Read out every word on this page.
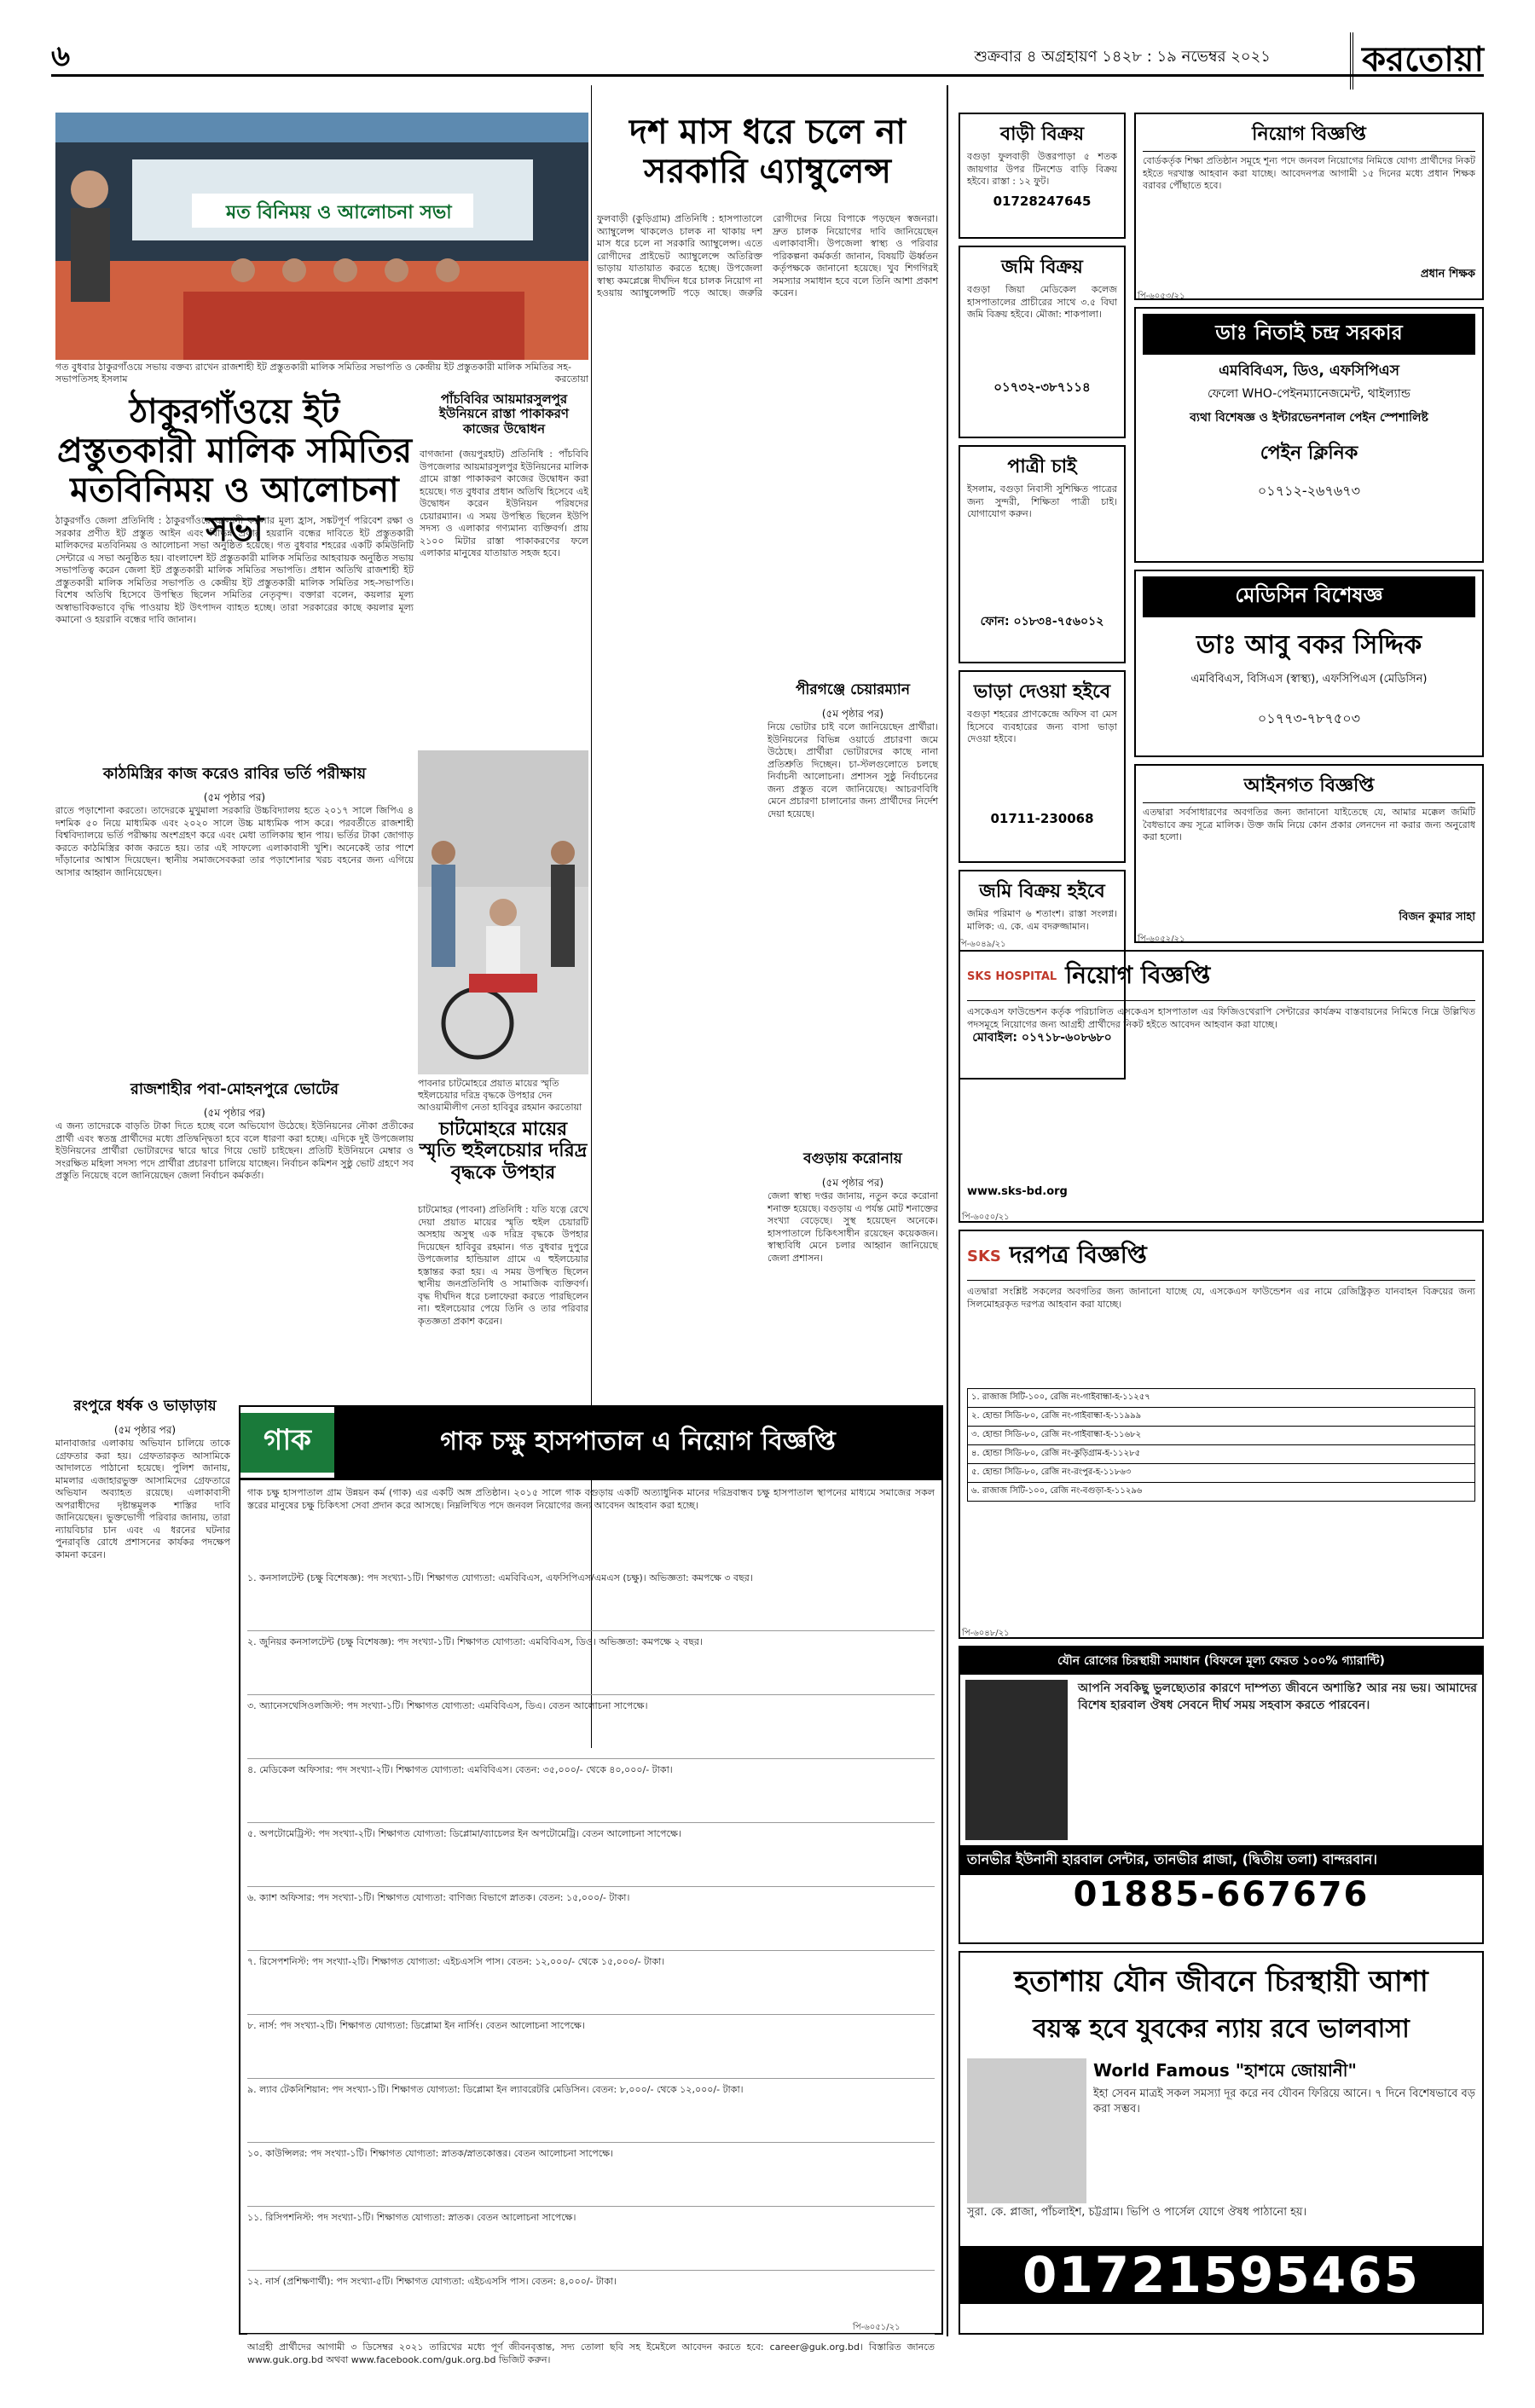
৬	শুক্রবার ৪ অগ্রহায়ণ ১৪২৮ : ১৯ নভেম্বর ২০২১	করতোয়া
মত বিনিময় ও আলোচনা সভা
গত বুধবার ঠাকুরগাঁওয়ে সভায় বক্তব্য রাখেন রাজশাহী ইট প্রস্তুতকারী মালিক সমিতির সভাপতি ও কেন্দ্রীয় ইট প্রস্তুতকারী মালিক সমিতির সহ-সভাপতিসহ ইসলাম	করতোয়া
ঠাকুরগাঁওয়ে ইট প্রস্তুতকারী মালিক সমিতির মতবিনিময় ও আলোচনা সভা
ঠাকুরগাঁও জেলা প্রতিনিধি : ঠাকুরগাঁওয়ে জ্বালানী কয়লার মূল্য হ্রাস, সঙ্কটপূর্ণ পরিবেশ রক্ষা ও সরকার প্রণীত ইট প্রস্তুত আইন এবং বিভিন্ন প্রকার হয়রানি বন্ধের দাবিতে ইট প্রস্তুতকারী মালিকদের মতবিনিময় ও আলোচনা সভা অনুষ্ঠিত হয়েছে। গত বুধবার শহরের একটি কমিউনিটি সেন্টারে এ সভা অনুষ্ঠিত হয়। বাংলাদেশ ইট প্রস্তুতকারী মালিক সমিতির আহবায়ক অনুষ্ঠিত সভায় সভাপতিত্ব করেন জেলা ইট প্রস্তুতকারী মালিক সমিতির সভাপতি। প্রধান অতিথি রাজশাহী ইট প্রস্তুতকারী মালিক সমিতির সভাপতি ও কেন্দ্রীয় ইট প্রস্তুতকারী মালিক সমিতির সহ-সভাপতি। বিশেষ অতিথি হিসেবে উপস্থিত ছিলেন সমিতির নেতৃবৃন্দ। বক্তারা বলেন, কয়লার মূল্য অস্বাভাবিকভাবে বৃদ্ধি পাওয়ায় ইট উৎপাদন ব্যাহত হচ্ছে। তারা সরকারের কাছে কয়লার মূল্য কমানো ও হয়রানি বন্ধের দাবি জানান।
পাঁচবিবির আয়মারসুলপুর ইউনিয়নে রাস্তা পাকাকরণ কাজের উদ্বোধন
বাগজানা (জয়পুরহাট) প্রতিনিধি : পাঁচবিবি উপজেলার আয়মারসুলপুর ইউনিয়নের মালিক গ্রামে রাস্তা পাকাকরণ কাজের উদ্বোধন করা হয়েছে। গত বুধবার প্রধান অতিথি হিসেবে এই উদ্বোধন করেন ইউনিয়ন পরিষদের চেয়ারম্যান। এ সময় উপস্থিত ছিলেন ইউপি সদস্য ও এলাকার গণ্যমান্য ব্যক্তিবর্গ। প্রায় ২১০০ মিটার রাস্তা পাকাকরণের ফলে এলাকার মানুষের যাতায়াত সহজ হবে।
কাঠমিস্ত্রির কাজ করেও রাবির ভর্তি পরীক্ষায়
(৫ম পৃষ্ঠার পর)
রাতে পড়াশোনা করতো। তাদেরকে মুখুমালা সরকারি উচ্চবিদ্যালয় হতে ২০১৭ সালে জিপিএ ৪ দশমিক ৫০ নিয়ে মাধ্যমিক এবং ২০২০ সালে উচ্চ মাধ্যমিক পাস করে। পরবর্তীতে রাজশাহী বিশ্ববিদ্যালয়ে ভর্তি পরীক্ষায় অংশগ্রহণ করে এবং মেধা তালিকায় স্থান পায়। ভর্তির টাকা জোগাড় করতে কাঠমিস্ত্রির কাজ করতে হয়। তার এই সাফল্যে এলাকাবাসী খুশি। অনেকেই তার পাশে দাঁড়ানোর আশ্বাস দিয়েছেন। স্থানীয় সমাজসেবকরা তার পড়াশোনার খরচ বহনের জন্য এগিয়ে আসার আহ্বান জানিয়েছেন।
রাজশাহীর পবা-মোহনপুরে ভোটের
(৫ম পৃষ্ঠার পর)
এ জন্য তাদেরকে বাড়তি টাকা দিতে হচ্ছে বলে অভিযোগ উঠেছে। ইউনিয়নের নৌকা প্রতীকের প্রার্থী এবং স্বতন্ত্র প্রার্থীদের মধ্যে প্রতিদ্বন্দ্বিতা হবে বলে ধারণা করা হচ্ছে। এদিকে দুই উপজেলায় ইউনিয়নের প্রার্থীরা ভোটারদের দ্বারে দ্বারে গিয়ে ভোট চাইছেন। প্রতিটি ইউনিয়নে মেম্বার ও সংরক্ষিত মহিলা সদস্য পদে প্রার্থীরা প্রচারণা চালিয়ে যাচ্ছেন। নির্বাচন কমিশন সুষ্ঠু ভোট গ্রহণে সব প্রস্তুতি নিয়েছে বলে জানিয়েছেন জেলা নির্বাচন কর্মকর্তা।
পাবনার চাটমোহরে প্রয়াত মায়ের স্মৃতি হুইলচেয়ার দরিদ্র বৃদ্ধকে উপহার দেন আওয়ামীলীগ নেতা হাবিবুর রহমান করতোয়া
চাটমোহরে মায়ের স্মৃতি হুইলচেয়ার দরিদ্র বৃদ্ধকে উপহার
চাটমোহর (পাবনা) প্রতিনিধি : যতি যত্নে রেখে দেয়া প্রয়াত মায়ের স্মৃতি হুইল চেয়ারটি অসহায় অসুস্থ এক দরিদ্র বৃদ্ধকে উপহার দিয়েছেন হাবিবুর রহমান। গত বুধবার দুপুরে উপজেলার হান্ডিয়াল গ্রামে এ হুইলচেয়ার হস্তান্তর করা হয়। এ সময় উপস্থিত ছিলেন স্থানীয় জনপ্রতিনিধি ও সামাজিক ব্যক্তিবর্গ। বৃদ্ধ দীর্ঘদিন ধরে চলাফেরা করতে পারছিলেন না। হুইলচেয়ার পেয়ে তিনি ও তার পরিবার কৃতজ্ঞতা প্রকাশ করেন।
রংপুরে ধর্ষক ও ভাড়াড়ায়
(৫ম পৃষ্ঠার পর)
মানাবাজার এলাকায় অভিযান চালিয়ে তাকে গ্রেফতার করা হয়। গ্রেফতারকৃত আসামিকে আদালতে পাঠানো হয়েছে। পুলিশ জানায়, মামলার এজাহারভুক্ত আসামিদের গ্রেফতারে অভিযান অব্যাহত রয়েছে। এলাকাবাসী অপরাধীদের দৃষ্টান্তমূলক শাস্তির দাবি জানিয়েছেন। ভুক্তভোগী পরিবার জানায়, তারা ন্যায়বিচার চান এবং এ ধরনের ঘটনার পুনরাবৃত্তি রোধে প্রশাসনের কার্যকর পদক্ষেপ কামনা করেন।
দশ মাস ধরে চলে না সরকারি এ্যাম্বুলেন্স
ফুলবাড়ী (কুড়িগ্রাম) প্রতিনিধি : হাসপাতালে অ্যাম্বুলেন্স থাকলেও চালক না থাকায় দশ মাস ধরে চলে না সরকারি অ্যাম্বুলেন্স। এতে রোগীদের প্রাইভেট অ্যাম্বুলেন্সে অতিরিক্ত ভাড়ায় যাতায়াত করতে হচ্ছে। উপজেলা স্বাস্থ্য কমপ্লেক্সে দীর্ঘদিন ধরে চালক নিয়োগ না হওয়ায় অ্যাম্বুলেন্সটি পড়ে আছে। জরুরি রোগীদের নিয়ে বিপাকে পড়ছেন স্বজনরা। দ্রুত চালক নিয়োগের দাবি জানিয়েছেন এলাকাবাসী। উপজেলা স্বাস্থ্য ও পরিবার পরিকল্পনা কর্মকর্তা জানান, বিষয়টি ঊর্ধ্বতন কর্তৃপক্ষকে জানানো হয়েছে। খুব শিগগিরই সমস্যার সমাধান হবে বলে তিনি আশা প্রকাশ করেন।
পীরগঞ্জে চেয়ারম্যান
(৫ম পৃষ্ঠার পর)
নিয়ে ভোটার চাই বলে জানিয়েছেন প্রার্থীরা। ইউনিয়নের বিভিন্ন ওয়ার্ডে প্রচারণা জমে উঠেছে। প্রার্থীরা ভোটারদের কাছে নানা প্রতিশ্রুতি দিচ্ছেন। চা-স্টলগুলোতে চলছে নির্বাচনী আলোচনা। প্রশাসন সুষ্ঠু নির্বাচনের জন্য প্রস্তুত বলে জানিয়েছে। আচরণবিধি মেনে প্রচারণা চালানোর জন্য প্রার্থীদের নির্দেশ দেয়া হয়েছে।
বগুড়ায় করোনায়
(৫ম পৃষ্ঠার পর)
জেলা স্বাস্থ্য দপ্তর জানায়, নতুন করে করোনা শনাক্ত হয়েছে। বগুড়ায় এ পর্যন্ত মোট শনাক্তের সংখ্যা বেড়েছে। সুস্থ হয়েছেন অনেকে। হাসপাতালে চিকিৎসাধীন রয়েছেন কয়েকজন। স্বাস্থ্যবিধি মেনে চলার আহ্বান জানিয়েছে জেলা প্রশাসন।
বাড়ী বিক্রয়
বগুড়া ফুলবাড়ী উত্তরপাড়া ৫ শতক জায়গার উপর টিনশেড বাড়ি বিক্রয় হইবে। রাস্তা : ১২ ফুট।
01728247645
জমি বিক্রয়
বগুড়া জিয়া মেডিকেল কলেজ হাসপাতালের প্রাচীরের সাথে ৩.৫ বিঘা জমি বিক্রয় হইবে। মৌজা: শাকপালা।
০১৭৩২-৩৮৭১১৪
পাত্রী চাই
ইসলাম, বগুড়া নিবাসী সুশিক্ষিত পাত্রের জন্য সুন্দরী, শিক্ষিতা পাত্রী চাই। যোগাযোগ করুন।
ফোন: ০১৮৩৪-৭৫৬০১২
ভাড়া দেওয়া হইবে
বগুড়া শহরের প্রাণকেন্দ্রে অফিস বা মেস হিসেবে ব্যবহারের জন্য বাসা ভাড়া দেওয়া হইবে।
01711-230068
জমি বিক্রয় হইবে
জমির পরিমাণ ৬ শতাংশ। রাস্তা সংলগ্ন। মালিক: এ. কে. এম বদরুজ্জামান।
মোবাইল: ০১৭১৮-৬০৮৬৮০
নিয়োগ বিজ্ঞপ্তি
বোর্ডকর্তৃক শিক্ষা প্রতিষ্ঠান সমূহে শূন্য পদে জনবল নিয়োগের নিমিত্তে যোগ্য প্রার্থীদের নিকট হইতে দরখাস্ত আহবান করা যাচ্ছে। আবেদনপত্র আগামী ১৫ দিনের মধ্যে প্রধান শিক্ষক বরাবর পৌঁছাতে হবে।
প্রধান শিক্ষক
ডাঃ নিতাই চন্দ্র সরকার
এমবিবিএস, ডিও, এফসিপিএস
ফেলো WHO-পেইনম্যানেজমেন্ট, থাইল্যান্ড
ব্যথা বিশেষজ্ঞ ও ইন্টারভেনশনাল পেইন স্পেশালিষ্ট
পেইন ক্লিনিক
০১৭১২-২৬৭৬৭৩
মেডিসিন বিশেষজ্ঞ
ডাঃ আবু বকর সিদ্দিক
এমবিবিএস, বিসিএস (স্বাস্থ্য), এফসিপিএস (মেডিসিন)
০১৭৭৩-৭৮৭৫০৩
আইনগত বিজ্ঞপ্তি
এতদ্বারা সর্বসাধারণের অবগতির জন্য জানানো যাইতেছে যে, আমার মক্কেল জমিটি বৈধভাবে ক্রয় সূত্রে মালিক। উক্ত জমি নিয়ে কোন প্রকার লেনদেন না করার জন্য অনুরোধ করা হলো।
বিজন কুমার সাহা
SKS HOSPITAL নিয়োগ বিজ্ঞপ্তি
এসকেএস ফাউন্ডেশন কর্তৃক পরিচালিত এসকেএস হাসপাতাল এর ফিজিওথেরাপি সেন্টারের কার্যক্রম বাস্তবায়নের নিমিত্তে নিম্নে উল্লিখিত পদসমূহে নিয়োগের জন্য আগ্রহী প্রার্থীদের নিকট হইতে আবেদন আহবান করা যাচ্ছে।
www.sks-bd.org
SKS দরপত্র বিজ্ঞপ্তি
এতদ্বারা সংশ্লিষ্ট সকলের অবগতির জন্য জানানো যাচ্ছে যে, এসকেএস ফাউন্ডেশন এর নামে রেজিষ্ট্রিকৃত যানবাহন বিক্রয়ের জন্য সিলমোহরকৃত দরপত্র আহবান করা যাচ্ছে।
১. রাজাজ সিটি-১০০, রেজি নং-গাইবান্ধা-হ-১১২৫৭
২. হোন্ডা সিডি-৮০, রেজি নং-গাইবান্ধা-হ-১১৯৯৯
৩. হোন্ডা সিডি-৮০, রেজি নং-গাইবান্ধা-হ-১১৬৮২
৪. হোন্ডা সিডি-৮০, রেজি নং-কুড়িগ্রাম-হ-১১২৮৫
৫. হোন্ডা সিডি-৮০, রেজি নং-রংপুর-হ-১১৮৬৩
৬. রাজাজ সিটি-১০০, রেজি নং-বগুড়া-হ-১১২৯৬
যৌন রোগের চিরস্থায়ী সমাধান (বিফলে মূল্য ফেরত ১০০% গ্যারান্টি)
আপনি সবকিছু ভুলছ্যেতার কারণে দাম্পত্য জীবনে অশান্তি? আর নয় ভয়। আমাদের বিশেষ হারবাল ঔষধ সেবনে দীর্ঘ সময় সহবাস করতে পারবেন।
তানভীর ইউনানী হারবাল সেন্টার, তানভীর প্লাজা, (দ্বিতীয় তলা) বান্দরবান।
01885-667676
হতাশায় যৌন জীবনে চিরস্থায়ী আশা
বয়স্ক হবে যুবকের ন্যায় রবে ভালবাসা
World Famous "হাশমে জোয়ানী"
ইহা সেবন মাত্রই সকল সমস্যা দূর করে নব যৌবন ফিরিয়ে আনে। ৭ দিনে বিশেষভাবে বড় করা সম্ভব।
সুরা. কে. প্লাজা, পাঁচলাইশ, চট্টগ্রাম। ভিপি ও পার্সেল যোগে ঔষধ পাঠানো হয়।
01721595465
গাক	গাক চক্ষু হাসপাতাল এ নিয়োগ বিজ্ঞপ্তি
গাক চক্ষু হাসপাতাল গ্রাম উন্নয়ন কর্ম (গাক) এর একটি অঙ্গ প্রতিষ্ঠান। ২০১৫ সালে গাক বগুড়ায় একটি অত্যাধুনিক মানের দরিদ্রবান্ধব চক্ষু হাসপাতাল স্থাপনের মাধ্যমে সমাজের সকল স্তরের মানুষের চক্ষু চিকিৎসা সেবা প্রদান করে আসছে। নিম্নলিখিত পদে জনবল নিয়োগের জন্য আবেদন আহবান করা হচ্ছে।
১. কনসালটেন্ট (চক্ষু বিশেষজ্ঞ): পদ সংখ্যা-১টি। শিক্ষাগত যোগ্যতা: এমবিবিএস, এফসিপিএস/এমএস (চক্ষু)। অভিজ্ঞতা: কমপক্ষে ৩ বছর।
২. জুনিয়র কনসালটেন্ট (চক্ষু বিশেষজ্ঞ): পদ সংখ্যা-১টি। শিক্ষাগত যোগ্যতা: এমবিবিএস, ডিও। অভিজ্ঞতা: কমপক্ষে ২ বছর।
৩. অ্যানেসথেসিওলজিস্ট: পদ সংখ্যা-১টি। শিক্ষাগত যোগ্যতা: এমবিবিএস, ডিএ। বেতন আলোচনা সাপেক্ষে।
৪. মেডিকেল অফিসার: পদ সংখ্যা-২টি। শিক্ষাগত যোগ্যতা: এমবিবিএস। বেতন: ৩৫,০০০/- থেকে ৪০,০০০/- টাকা।
৫. অপটোমেট্রিস্ট: পদ সংখ্যা-২টি। শিক্ষাগত যোগ্যতা: ডিপ্লোমা/ব্যাচেলর ইন অপটোমেট্রি। বেতন আলোচনা সাপেক্ষে।
৬. ক্যাশ অফিসার: পদ সংখ্যা-১টি। শিক্ষাগত যোগ্যতা: বাণিজ্য বিভাগে স্নাতক। বেতন: ১৫,০০০/- টাকা।
৭. রিসেপশনিস্ট: পদ সংখ্যা-২টি। শিক্ষাগত যোগ্যতা: এইচএসসি পাস। বেতন: ১২,০০০/- থেকে ১৫,০০০/- টাকা।
৮. নার্স: পদ সংখ্যা-২টি। শিক্ষাগত যোগ্যতা: ডিপ্লোমা ইন নার্সিং। বেতন আলোচনা সাপেক্ষে।
৯. ল্যাব টেকনিশিয়ান: পদ সংখ্যা-১টি। শিক্ষাগত যোগ্যতা: ডিপ্লোমা ইন ল্যাবরেটরি মেডিসিন। বেতন: ৮,০০০/- থেকে ১২,০০০/- টাকা।
১০. কাউন্সিলর: পদ সংখ্যা-১টি। শিক্ষাগত যোগ্যতা: স্নাতক/স্নাতকোত্তর। বেতন আলোচনা সাপেক্ষে।
১১. রিসিপশনিস্ট: পদ সংখ্যা-১টি। শিক্ষাগত যোগ্যতা: স্নাতক। বেতন আলোচনা সাপেক্ষে।
১২. নার্স (প্রশিক্ষণার্থী): পদ সংখ্যা-৫টি। শিক্ষাগত যোগ্যতা: এইচএসসি পাস। বেতন: ৪,০০০/- টাকা।
আগ্রহী প্রার্থীদের আগামী ৩ ডিসেম্বর ২০২১ তারিখের মধ্যে পূর্ণ জীবনবৃত্তান্ত, সদ্য তোলা ছবি সহ ইমেইলে আবেদন করতে হবে: career@guk.org.bd। বিস্তারিত জানতে www.guk.org.bd অথবা www.facebook.com/guk.org.bd ভিজিট করুন।
পি-৬০৪৯/২১
পি-৬০৫৩/২১
পি-৬০৫২/২১
পি-৬০৫০/২১
পি-৬০৪৮/২১
পি-৬০৫১/২১
